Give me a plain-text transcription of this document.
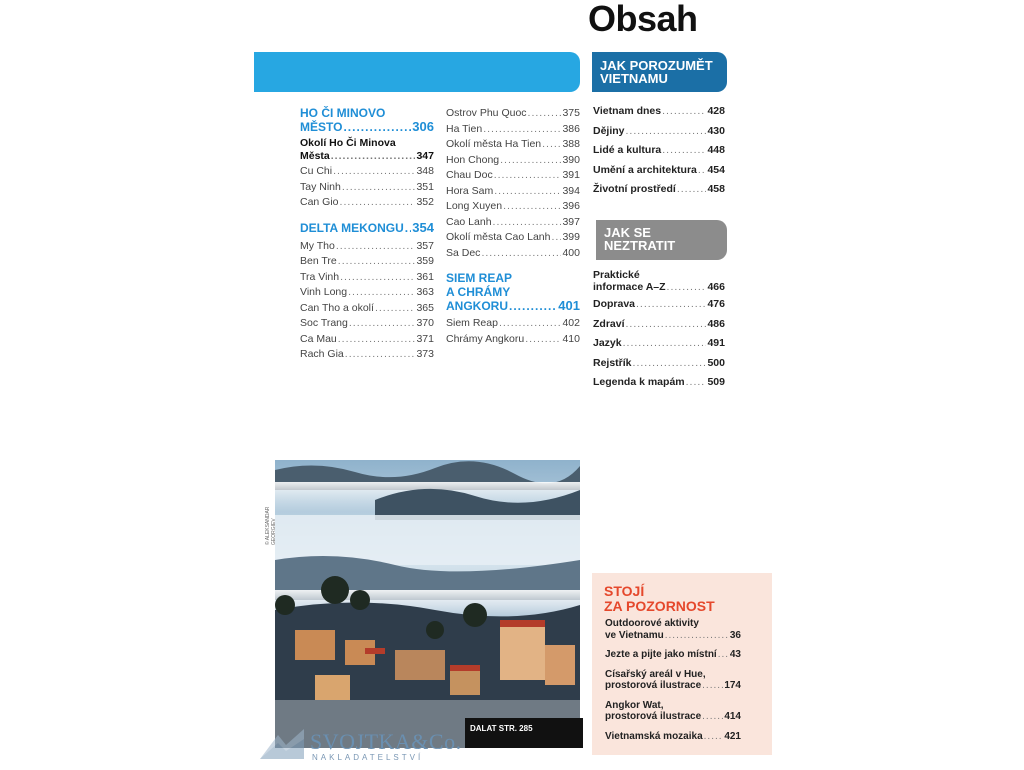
Obsah
HO ČI MINOVO
MĚSTO .....	306
Okolí Ho Či Minova
Města .....	347
Cu Chi .....	348
Tay Ninh .....	351
Can Gio .....	352
DELTA MEKONGU ..... 354
My Tho .....	357
Ben Tre .....	359
Tra Vinh .....	361
Vinh Long .....	363
Can Tho a okolí .....	365
Soc Trang .....	370
Ca Mau .....	371
Rach Gia .....	373
Ostrov Phu Quoc .....	375
Ha Tien .....	386
Okolí města Ha Tien ..... 388
Hon Chong .....	390
Chau Doc .....	391
Hora Sam .....	394
Long Xuyen .....	396
Cao Lanh .....	397
Okolí města Cao Lanh ..... 399
Sa Dec .....	400
SIEM REAP
A CHRÁMY
ANGKORU .....	401
Siem Reap .....	402
Chrámy Angkoru .....	410
JAK POROZUMĚT
VIETNAMU
Vietnam dnes .....	428
Dějiny .....	430
Lidé a kultura .....	448
Umění a architektura ..... 454
Životní prostředí .....	458
JAK SE
NEZTRATIT
Praktické
informace A–Z .....	466
Doprava .....	476
Zdraví .....	486
Jazyk .....	491
Rejstřík .....	500
Legenda k mapám ..... 509
© ALEKSANDAR GEORGIEV
DALAT STR. 285
STOJÍ
ZA POZORNOST
Outdoorové aktivity
ve Vietnamu .....	36
Jezte a pijte jako místní ..... 43
Císařský areál v Hue,
prostorová ilustrace ..... 174
Angkor Wat,
prostorová ilustrace ..... 414
Vietnamská mozaika ..... 421
SVOJTKA&Co.
NAKLADATELSTVÍ
